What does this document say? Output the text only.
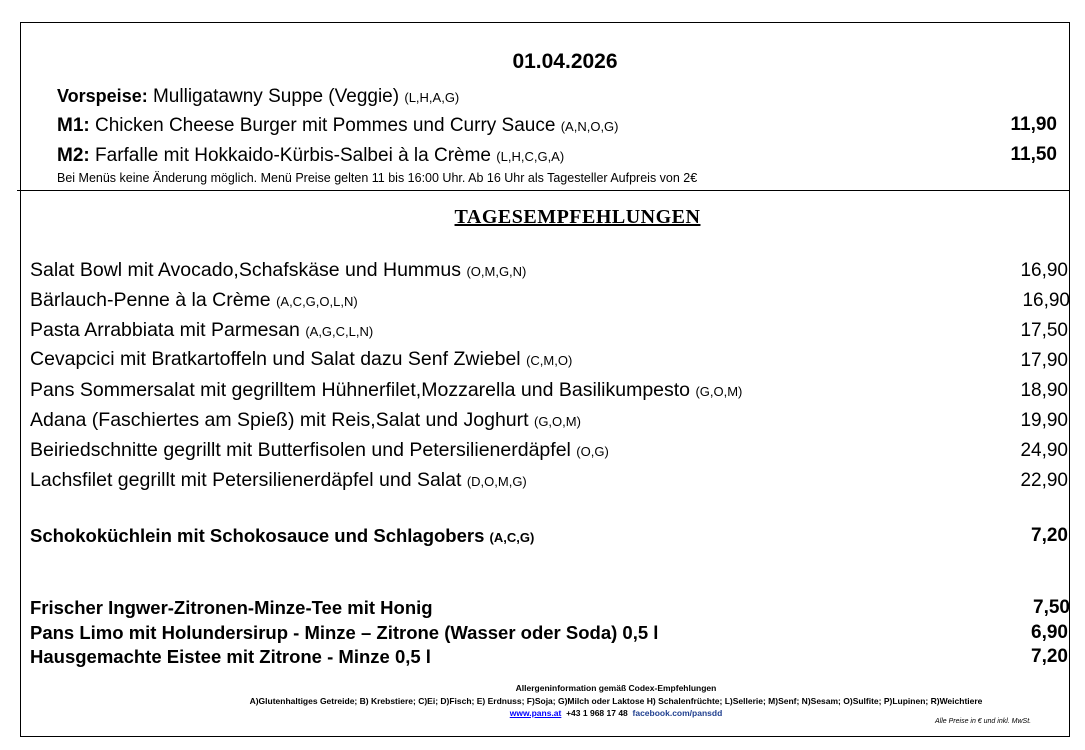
01.04.2026
Vorspeise: Mulligatawny Suppe (Veggie) (L,H,A,G)
M1: Chicken Cheese Burger mit Pommes und Curry Sauce (A,N,O,G)	11,90
M2: Farfalle mit Hokkaido-Kürbis-Salbei à la Crème (L,H,C,G,A)	11,50
Bei Menüs keine Änderung möglich. Menü Preise gelten 11 bis 16:00 Uhr. Ab 16 Uhr als Tagesteller Aufpreis von 2€
TAGESEMPFEHLUNGEN
Salat Bowl mit Avocado,Schafskäse und Hummus (O,M,G,N)	16,90
Bärlauch-Penne à la Crème (A,C,G,O,L,N)	16,90
Pasta Arrabbiata mit Parmesan (A,G,C,L,N)	17,50
Cevapcici mit Bratkartoffeln und Salat dazu Senf Zwiebel (C,M,O)	17,90
Pans Sommersalat mit gegrilltem Hühnerfilet,Mozzarella und Basilikumpesto (G,O,M)	18,90
Adana (Faschiertes am Spieß) mit Reis,Salat und Joghurt (G,O,M)	19,90
Beiriedschnitte gegrillt mit Butterfisolen und Petersilienerdäpfel (O,G)	24,90
Lachsfilet gegrillt mit Petersilienerdäpfel und Salat (D,O,M,G)	22,90
Schokoküchlein mit Schokosauce und Schlagobers (A,C,G)	7,20
Frischer Ingwer-Zitronen-Minze-Tee mit Honig	7,50
Pans Limo mit Holundersirup - Minze – Zitrone (Wasser oder Soda) 0,5 l	6,90
Hausgemachte Eistee mit Zitrone - Minze 0,5 l	7,20
Allergeninformation gemäß Codex-Empfehlungen
A)Glutenhaltiges Getreide; B) Krebstiere; C)Ei; D)Fisch; E) Erdnuss; F)Soja; G)Milch oder Laktose H) Schalenfrüchte; L)Sellerie; M)Senf; N)Sesam; O)Sulfite; P)Lupinen; R)Weichtiere
www.pans.at +43 1 968 17 48 facebook.com/pansdd
Alle Preise in € und inkl. MwSt.
